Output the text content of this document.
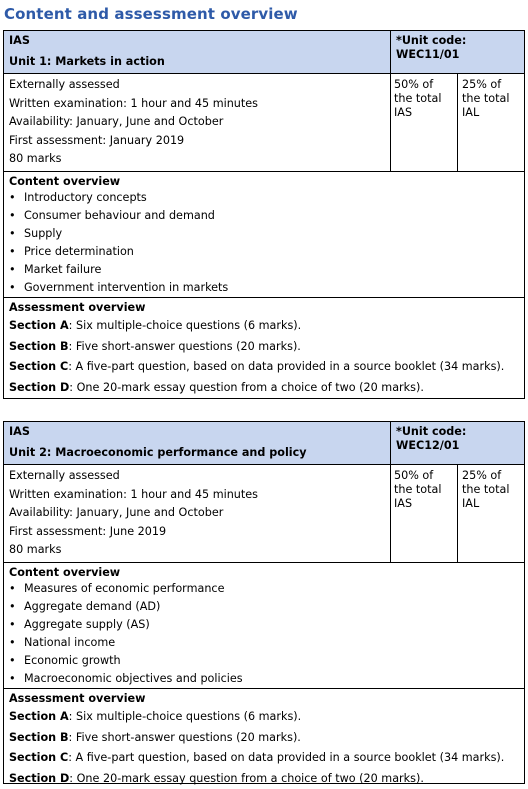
Content and assessment overview
IAS
Unit 1: Markets in action
*Unit code:
WEC11/01
Externally assessed
Written examination: 1 hour and 45 minutes
Availability: January, June and October
First assessment: January 2019
80 marks
50% of
the total
IAS
25% of
the total
IAL
Content overview
• Introductory concepts
• Consumer behaviour and demand
• Supply
• Price determination
• Market failure
• Government intervention in markets
Assessment overview
Section A: Six multiple-choice questions (6 marks).
Section B: Five short-answer questions (20 marks).
Section C: A five-part question, based on data provided in a source booklet (34 marks).
Section D: One 20-mark essay question from a choice of two (20 marks).
IAS
Unit 2: Macroeconomic performance and policy
*Unit code:
WEC12/01
Externally assessed
Written examination: 1 hour and 45 minutes
Availability: January, June and October
First assessment: June 2019
80 marks
50% of
the total
IAS
25% of
the total
IAL
Content overview
• Measures of economic performance
• Aggregate demand (AD)
• Aggregate supply (AS)
• National income
• Economic growth
• Macroeconomic objectives and policies
Assessment overview
Section A: Six multiple-choice questions (6 marks).
Section B: Five short-answer questions (20 marks).
Section C: A five-part question, based on data provided in a source booklet (34 marks).
Section D: One 20-mark essay question from a choice of two (20 marks).
